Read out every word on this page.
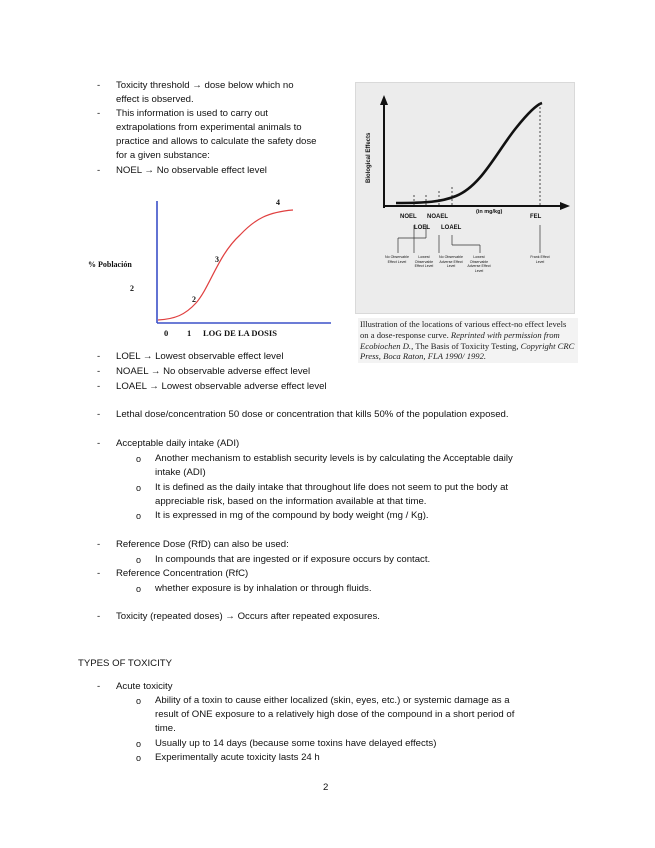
- Toxicity threshold → dose below which no
effect is observed.
- This information is used to carry out
extrapolations from experimental animals to
practice and allows to calculate the safety dose
for a given substance:
- NOEL → No observable effect level
% Población
2
2
3
4
0 1 LOG DE LA DOSIS
Biological Effects
(in mg/kg)
NOEL NOAEL
LOEL LOAEL
FEL
No Observable Effect Level
Lowest Observable Effect Level
No Observable Adverse Effect Level
Lowest Observable Adverse Effect Level
Frank Effect Level
Illustration of the locations of various effect-no effect levels on a dose-response curve. Reprinted with permission from Ecobiochen D., The Basis of Toxicity Testing, Copyright CRC Press, Boca Raton, FLA 1990/ 1992.
- LOEL → Lowest observable effect level
- NOAEL → No observable adverse effect level
- LOAEL → Lowest observable adverse effect level
- Lethal dose/concentration 50 dose or concentration that kills 50% of the population exposed.
- Acceptable daily intake (ADI)
o Another mechanism to establish security levels is by calculating the Acceptable daily
intake (ADI)
o It is defined as the daily intake that throughout life does not seem to put the body at
appreciable risk, based on the information available at that time.
o It is expressed in mg of the compound by body weight (mg / Kg).
- Reference Dose (RfD) can also be used:
o In compounds that are ingested or if exposure occurs by contact.
- Reference Concentration (RfC)
o whether exposure is by inhalation or through fluids.
- Toxicity (repeated doses) → Occurs after repeated exposures.
TYPES OF TOXICITY
- Acute toxicity
o Ability of a toxin to cause either localized (skin, eyes, etc.) or systemic damage as a
result of ONE exposure to a relatively high dose of the compound in a short period of
time.
o Usually up to 14 days (because some toxins have delayed effects)
o Experimentally acute toxicity lasts 24 h
2
